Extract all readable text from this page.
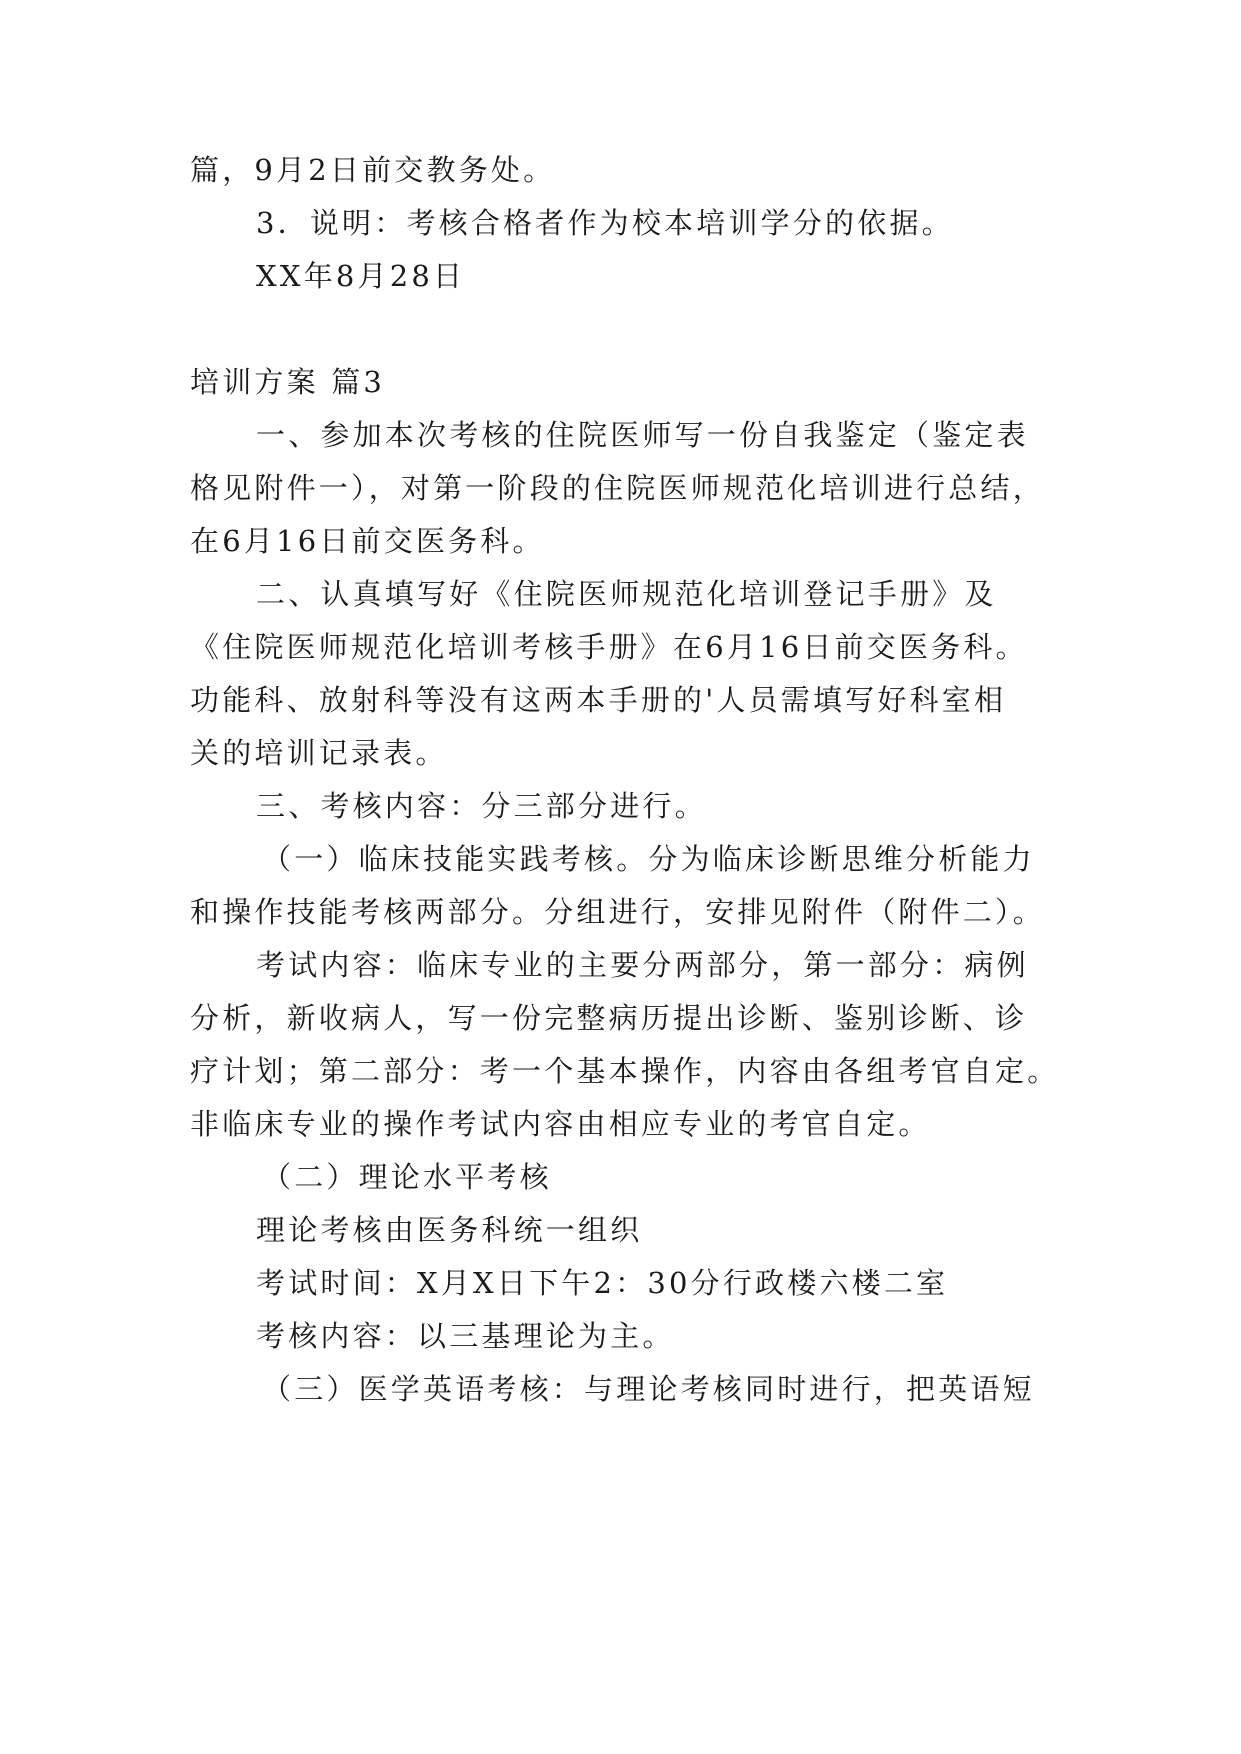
篇，9月2日前交教务处。
3．说明：考核合格者作为校本培训学分的依据。
XX年8月28日
培训方案 篇3
一、参加本次考核的住院医师写一份自我鉴定（鉴定表
格见附件一），对第一阶段的住院医师规范化培训进行总结，
在6月16日前交医务科。
二、认真填写好《住院医师规范化培训登记手册》及
《住院医师规范化培训考核手册》在6月16日前交医务科。
功能科、放射科等没有这两本手册的'人员需填写好科室相
关的培训记录表。
三、考核内容：分三部分进行。
（一）临床技能实践考核。分为临床诊断思维分析能力
和操作技能考核两部分。分组进行，安排见附件（附件二）。
考试内容：临床专业的主要分两部分，第一部分：病例
分析，新收病人，写一份完整病历提出诊断、鉴别诊断、诊
疗计划；第二部分：考一个基本操作，内容由各组考官自定。
非临床专业的操作考试内容由相应专业的考官自定。
（二）理论水平考核
理论考核由医务科统一组织
考试时间：X月X日下午2：30分行政楼六楼二室
考核内容：以三基理论为主。
（三）医学英语考核：与理论考核同时进行，把英语短
